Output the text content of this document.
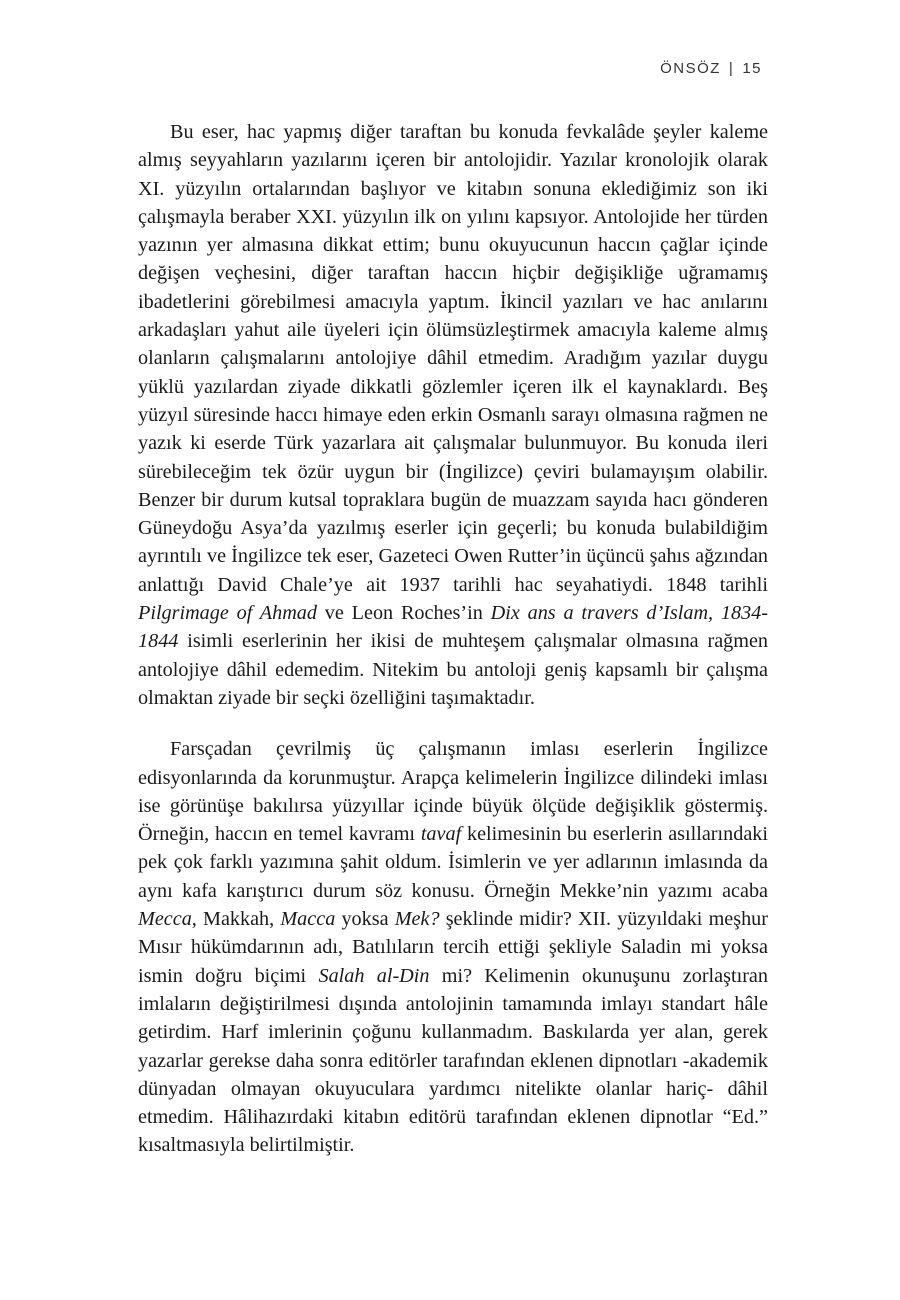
ÖNSÖZ | 15

Bu eser, hac yapmış diğer taraftan bu konuda fevkalâde şeyler kaleme almış seyyahların yazılarını içeren bir antolojidir. Yazılar kronolojik olarak XI. yüzyılın ortalarından başlıyor ve kitabın sonuna eklediğimiz son iki çalışmayla beraber XXI. yüzyılın ilk on yılını kapsıyor. Antolojide her türden yazının yer almasına dikkat ettim; bunu okuyucunun haccın çağlar içinde değişen veçhesini, diğer taraftan haccın hiçbir değişikliğe uğramamış ibadetlerini görebilmesi amacıyla yaptım. İkincil yazıları ve hac anılarını arkadaşları yahut aile üyeleri için ölümsüzleştirmek amacıyla kaleme almış olanların çalışmalarını antolojiye dâhil etmedim. Aradığım yazılar duygu yüklü yazılardan ziyade dikkatli gözlemler içeren ilk el kaynaklardı. Beş yüzyıl süresinde haccı himaye eden erkin Osmanlı sarayı olmasına rağmen ne yazık ki eserde Türk yazarlara ait çalışmalar bulunmuyor. Bu konuda ileri sürebileceğim tek özür uygun bir (İngilizce) çeviri bulamayışım olabilir. Benzer bir durum kutsal topraklara bugün de muazzam sayıda hacı gönderen Güneydoğu Asya’da yazılmış eserler için geçerli; bu konuda bulabildiğim ayrıntılı ve İngilizce tek eser, Gazeteci Owen Rutter’in üçüncü şahıs ağzından anlattığı David Chale’ye ait 1937 tarihli hac seyahatiydi. 1848 tarihli Pilgrimage of Ahmad ve Leon Roches’in Dix ans a travers d’Islam, 1834-1844 isimli eserlerinin her ikisi de muhteşem çalışmalar olmasına rağmen antolojiye dâhil edemedim. Nitekim bu antoloji geniş kapsamlı bir çalışma olmaktan ziyade bir seçki özelliğini taşımaktadır.

Farsçadan çevrilmiş üç çalışmanın imlası eserlerin İngilizce edisyonlarında da korunmuştur. Arapça kelimelerin İngilizce dilindeki imlası ise görünüşe bakılırsa yüzyıllar içinde büyük ölçüde değişiklik göstermiş. Örneğin, haccın en temel kavramı tavaf kelimesinin bu eserlerin asıllarındaki pek çok farklı yazımına şahit oldum. İsimlerin ve yer adlarının imlasında da aynı kafa karıştırıcı durum söz konusu. Örneğin Mekke’nin yazımı acaba Mecca, Makkah, Macca yoksa Mek? şeklinde midir? XII. yüzyıldaki meşhur Mısır hükümdarının adı, Batılıların tercih ettiği şekliyle Saladin mi yoksa ismin doğru biçimi Salah al-Din mi? Kelimenin okunuşunu zorlaştıran imlaların değiştirilmesi dışında antolojinin tamamında imlayı standart hâle getirdim. Harf imlerinin çoğunu kullanmadım. Baskılarda yer alan, gerek yazarlar gerekse daha sonra editörler tarafından eklenen dipnotları -akademik dünyadan olmayan okuyuculara yardımcı nitelikte olanlar hariç- dâhil etmedim. Hâlihazırdaki kitabın editörü tarafından eklenen dipnotlar “Ed.” kısaltmasıyla belirtilmiştir.
